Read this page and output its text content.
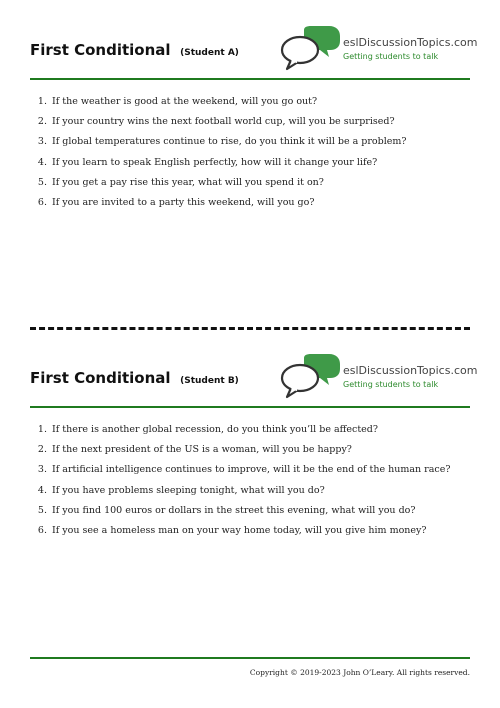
First Conditional (Student A)
eslDiscussionTopics.com
Getting students to talk
1. If the weather is good at the weekend, will you go out?
2. If your country wins the next football world cup, will you be surprised?
3. If global temperatures continue to rise, do you think it will be a problem?
4. If you learn to speak English perfectly, how will it change your life?
5. If you get a pay rise this year, what will you spend it on?
6. If you are invited to a party this weekend, will you go?
First Conditional (Student B)
eslDiscussionTopics.com
Getting students to talk
1. If there is another global recession, do you think you’ll be affected?
2. If the next president of the US is a woman, will you be happy?
3. If artificial intelligence continues to improve, will it be the end of the human race?
4. If you have problems sleeping tonight, what will you do?
5. If you find 100 euros or dollars in the street this evening, what will you do?
6. If you see a homeless man on your way home today, will you give him money?
Copyright © 2019-2023 John O’Leary. All rights reserved.
